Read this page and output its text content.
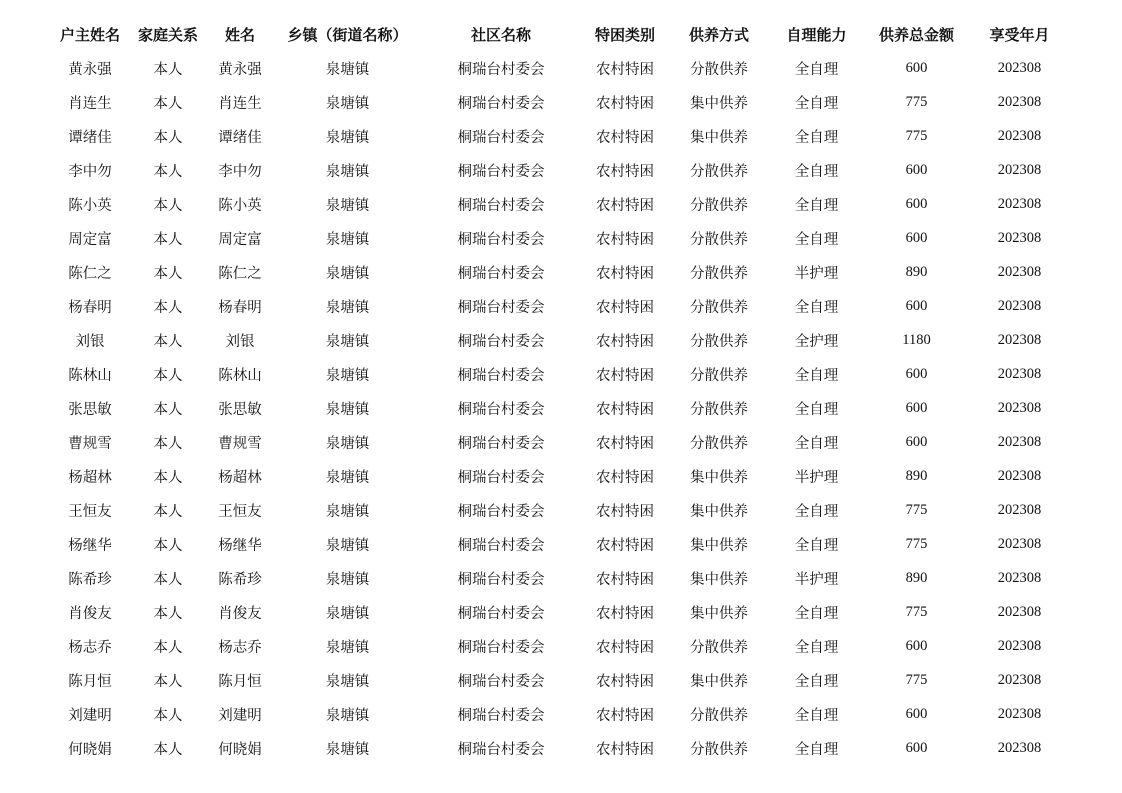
户主姓名	家庭关系	姓名	乡镇（街道名称）	社区名称	特困类别	供养方式	自理能力	供养总金额	享受年月
黄永强	本人	黄永强	泉塘镇	桐瑞台村委会	农村特困	分散供养	全自理	600	202308
肖连生	本人	肖连生	泉塘镇	桐瑞台村委会	农村特困	集中供养	全自理	775	202308
谭绪佳	本人	谭绪佳	泉塘镇	桐瑞台村委会	农村特困	集中供养	全自理	775	202308
李中勿	本人	李中勿	泉塘镇	桐瑞台村委会	农村特困	分散供养	全自理	600	202308
陈小英	本人	陈小英	泉塘镇	桐瑞台村委会	农村特困	分散供养	全自理	600	202308
周定富	本人	周定富	泉塘镇	桐瑞台村委会	农村特困	分散供养	全自理	600	202308
陈仁之	本人	陈仁之	泉塘镇	桐瑞台村委会	农村特困	分散供养	半护理	890	202308
杨春明	本人	杨春明	泉塘镇	桐瑞台村委会	农村特困	分散供养	全自理	600	202308
刘银	本人	刘银	泉塘镇	桐瑞台村委会	农村特困	分散供养	全护理	1180	202308
陈林山	本人	陈林山	泉塘镇	桐瑞台村委会	农村特困	分散供养	全自理	600	202308
张思敏	本人	张思敏	泉塘镇	桐瑞台村委会	农村特困	分散供养	全自理	600	202308
曹规雪	本人	曹规雪	泉塘镇	桐瑞台村委会	农村特困	分散供养	全自理	600	202308
杨超林	本人	杨超林	泉塘镇	桐瑞台村委会	农村特困	集中供养	半护理	890	202308
王恒友	本人	王恒友	泉塘镇	桐瑞台村委会	农村特困	集中供养	全自理	775	202308
杨继华	本人	杨继华	泉塘镇	桐瑞台村委会	农村特困	集中供养	全自理	775	202308
陈希珍	本人	陈希珍	泉塘镇	桐瑞台村委会	农村特困	集中供养	半护理	890	202308
肖俊友	本人	肖俊友	泉塘镇	桐瑞台村委会	农村特困	集中供养	全自理	775	202308
杨志乔	本人	杨志乔	泉塘镇	桐瑞台村委会	农村特困	分散供养	全自理	600	202308
陈月恒	本人	陈月恒	泉塘镇	桐瑞台村委会	农村特困	集中供养	全自理	775	202308
刘建明	本人	刘建明	泉塘镇	桐瑞台村委会	农村特困	分散供养	全自理	600	202308
何晓娟	本人	何晓娟	泉塘镇	桐瑞台村委会	农村特困	分散供养	全自理	600	202308
